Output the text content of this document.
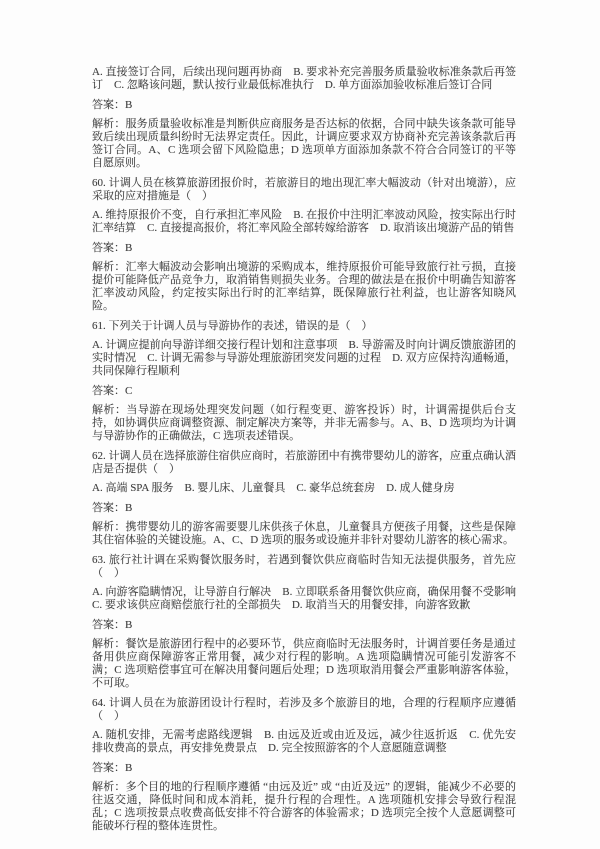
A. 直接签订合同，后续出现问题再协商　B. 要求补充完善服务质量验收标准条款后再签订　C. 忽略该问题，默认按行业最低标准执行　D. 单方面添加验收标准后签订合同

答案：B

解析：服务质量验收标准是判断供应商服务是否达标的依据，合同中缺失该条款可能导致后续出现质量纠纷时无法界定责任。因此，计调应要求双方协商补充完善该条款后再签订合同。A、C 选项会留下风险隐患；D 选项单方面添加条款不符合合同签订的平等自愿原则。

60. 计调人员在核算旅游团报价时，若旅游目的地出现汇率大幅波动（针对出境游），应采取的应对措施是（　）

A. 维持原报价不变，自行承担汇率风险　B. 在报价中注明汇率波动风险，按实际出行时汇率结算　C. 直接提高报价，将汇率风险全部转嫁给游客　D. 取消该出境游产品的销售

答案：B

解析：汇率大幅波动会影响出境游的采购成本，维持原报价可能导致旅行社亏损，直接提价可能降低产品竞争力，取消销售则损失业务。合理的做法是在报价中明确告知游客汇率波动风险，约定按实际出行时的汇率结算，既保障旅行社利益，也让游客知晓风险。

61. 下列关于计调人员与导游协作的表述，错误的是（　）

A. 计调应提前向导游详细交接行程计划和注意事项　B. 导游需及时向计调反馈旅游团的实时情况　C. 计调无需参与导游处理旅游团突发问题的过程　D. 双方应保持沟通畅通，共同保障行程顺利

答案：C

解析：当导游在现场处理突发问题（如行程变更、游客投诉）时，计调需提供后台支持，如协调供应商调整资源、制定解决方案等，并非无需参与。A、B、D 选项均为计调与导游协作的正确做法，C 选项表述错误。

62. 计调人员在选择旅游住宿供应商时，若旅游团中有携带婴幼儿的游客，应重点确认酒店是否提供（　）

A. 高端 SPA 服务　B. 婴儿床、儿童餐具　C. 豪华总统套房　D. 成人健身房

答案：B

解析：携带婴幼儿的游客需要婴儿床供孩子休息，儿童餐具方便孩子用餐，这些是保障其住宿体验的关键设施。A、C、D 选项的服务或设施并非针对婴幼儿游客的核心需求。

63. 旅行社计调在采购餐饮服务时，若遇到餐饮供应商临时告知无法提供服务，首先应（　）

A. 向游客隐瞒情况，让导游自行解决　B. 立即联系备用餐饮供应商，确保用餐不受影响　C. 要求该供应商赔偿旅行社的全部损失　D. 取消当天的用餐安排，向游客致歉

答案：B

解析：餐饮是旅游团行程中的必要环节，供应商临时无法服务时，计调首要任务是通过备用供应商保障游客正常用餐，减少对行程的影响。A 选项隐瞒情况可能引发游客不满；C 选项赔偿事宜可在解决用餐问题后处理；D 选项取消用餐会严重影响游客体验，不可取。

64. 计调人员在为旅游团设计行程时，若涉及多个旅游目的地，合理的行程顺序应遵循（　）

A. 随机安排，无需考虑路线逻辑　B. 由远及近或由近及远，减少往返折返　C. 优先安排收费高的景点，再安排免费景点　D. 完全按照游客的个人意愿随意调整

答案：B

解析：多个目的地的行程顺序遵循 “由远及近” 或 “由近及远” 的逻辑，能减少不必要的往返交通，降低时间和成本消耗，提升行程的合理性。A 选项随机安排会导致行程混乱；C 选项按景点收费高低安排不符合游客的体验需求；D 选项完全按个人意愿调整可能破坏行程的整体连贯性。
